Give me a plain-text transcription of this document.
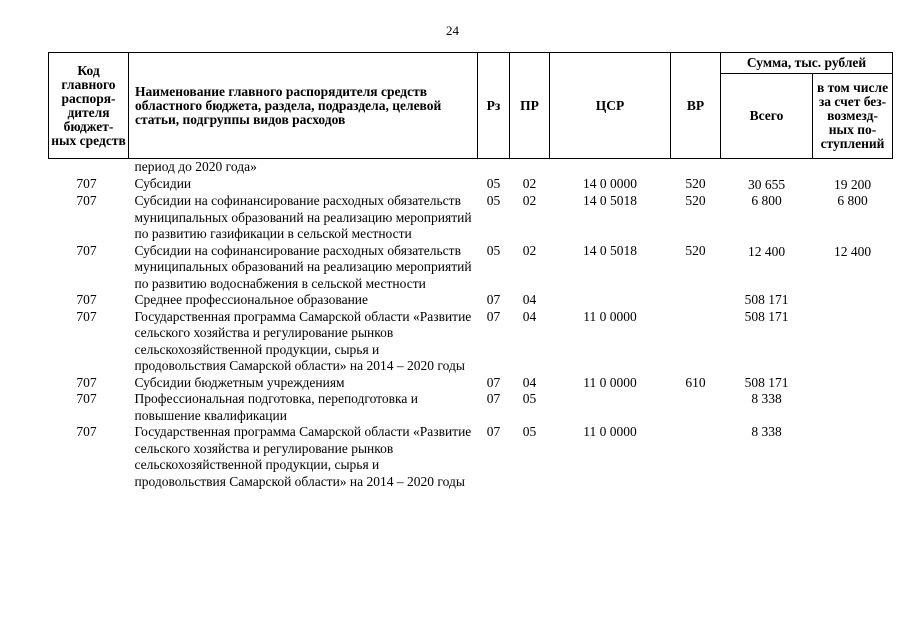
24
Код главного распоря- дителя бюджет- ных средств	Наименование главного распорядителя средств областного бюджета, раздела, подраздела, целевой статьи, подгруппы видов расходов	Рз	ПР	ЦСР	ВР	Сумма, тыс. рублей	
						Всего	в том числе за счет без- возмезд- ных по- ступлений
	период до 2020 года»						
707	Субсидии	05	02	14 0 0000	520	30 655	19 200
707	Субсидии на софинансирование расходных обязательств муниципальных образований на реализацию мероприятий по развитию газификации в сельской местности	05	02	14 0 5018	520	6 800	6 800
707	Субсидии на софинансирование расходных обязательств муниципальных образований на реализацию мероприятий по развитию водоснабжения в сельской местности	05	02	14 0 5018	520	12 400	12 400
707	Среднее профессиональное образование	07	04			508 171	
707	Государственная программа Самарской области «Развитие сельского хозяйства и регулирование рынков сельскохозяйственной продукции, сырья и продовольствия Самарской области» на 2014 – 2020 годы	07	04	11 0 0000		508 171	
707	Субсидии бюджетным учреждениям	07	04	11 0 0000	610	508 171	
707	Профессиональная подготовка, переподготовка и повышение квалификации	07	05			8 338	
707	Государственная программа Самарской области «Развитие сельского хозяйства и регулирование рынков сельскохозяйственной продукции, сырья и продовольствия Самарской области» на 2014 – 2020 годы	07	05	11 0 0000		8 338	
